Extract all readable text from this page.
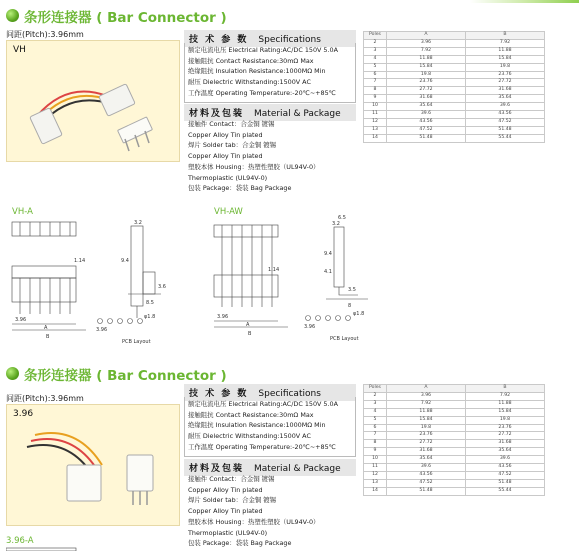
条形连接器 ( Bar Connector )
间距(Pitch):3.96mm
VH
技 术 参 数 Specifications
额定电流电压 Electrical Rating:AC/DC 150V 5.0A
接触阻抗 Contact Resistance:30mΩ Max
绝缘阻抗 Insulation Resistance:1000MΩ Min
耐压 Dielectric Withstanding:1500V AC
工作温度 Operating Temperature:-20℃~+85℃
材料及包装 Material & Package
接触件 Contact：合金铜 镀锡
Copper Alloy Tin plated
焊片 Solder tab：合金铜 镀锡
Copper Alloy Tin plated
塑胶本体 Housing：热塑性塑胶（UL94V-0）
Thermoplastic (UL94V-0)
包装 Package：袋装 Bag Package
Poles	A	B
2	3.96	7.92
3	7.92	11.88
4	11.88	15.84
5	15.84	19.8
6	19.8	23.76
7	23.76	27.72
8	27.72	31.68
9	31.68	35.64
10	35.64	39.6
11	39.6	43.56
12	43.56	47.52
13	47.52	51.48
14	51.48	55.44
VH-A
1.14
3.2
9.4
3.6
8.5
3.96
A
B
φ1.8
3.96
PCB Layout
VH-AW
6.5
3.2
9.4
4.1
3.5
8
1.14
3.96
A
B
φ1.8
3.96
PCB Layout
条形连接器 ( Bar Connector )
间距(Pitch):3.96mm
3.96
技 术 参 数 Specifications
额定电流电压 Electrical Rating:AC/DC 150V 5.0A
接触阻抗 Contact Resistance:30mΩ Max
绝缘阻抗 Insulation Resistance:1000MΩ Min
耐压 Dielectric Withstanding:1500V AC
工作温度 Operating Temperature:-20℃~+85℃
材料及包装 Material & Package
接触件 Contact：合金铜 镀锡
Copper Alloy Tin plated
焊片 Solder tab：合金铜 镀锡
Copper Alloy Tin plated
塑胶本体 Housing：热塑性塑胶（UL94V-0）
Thermoplastic (UL94V-0)
包装 Package：袋装 Bag Package
Poles	A	B
2	3.96	7.92
3	7.92	11.88
4	11.88	15.84
5	15.84	19.8
6	19.8	23.76
7	23.76	27.72
8	27.72	31.68
9	31.68	35.64
10	35.64	39.6
11	39.6	43.56
12	43.56	47.52
13	47.52	51.48
14	51.48	55.44
3.96-A
